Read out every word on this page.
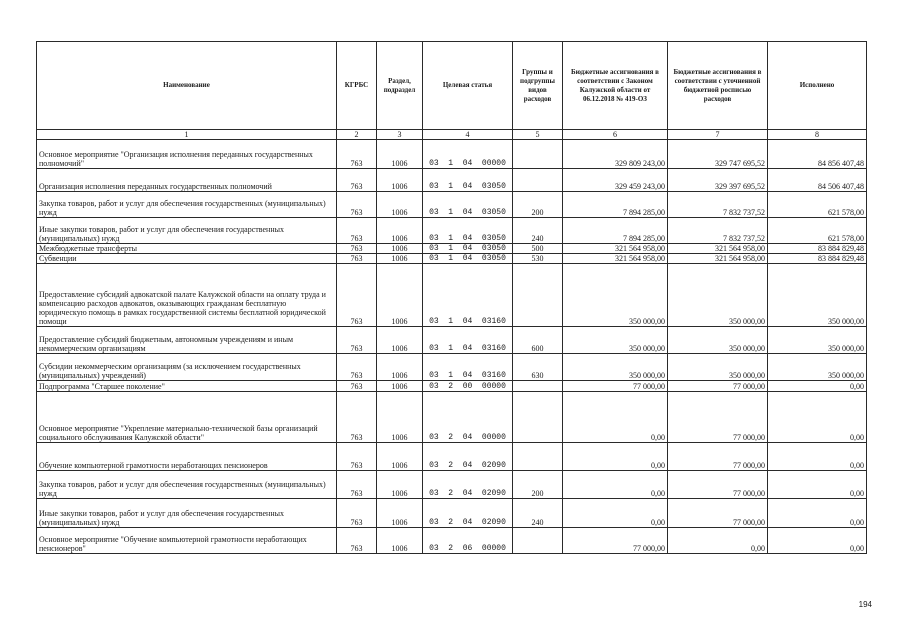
Наименование	КГРБС	Раздел, подраздел	Целевая статья	Группы и подгруппы видов расходов	Бюджетные ассигнования в соответствии с Законом Калужской области от 06.12.2018 № 419-ОЗ	Бюджетные ассигнования в соответствии с уточненной бюджетной росписью расходов	Исполнено
1	2	3	4	5	6	7	8
Основное мероприятие "Организация исполнения переданных государственных полномочий"	763	1006	03  1  04  00000		329 809 243,00	329 747 695,52	84 856 407,48
Организация исполнения переданных государственных полномочий	763	1006	03  1  04  03050		329 459 243,00	329 397 695,52	84 506 407,48
Закупка товаров, работ и услуг для обеспечения государственных (муниципальных) нужд	763	1006	03  1  04  03050	200	7 894 285,00	7 832 737,52	621 578,00
Иные закупки товаров, работ и услуг для обеспечения государственных (муниципальных) нужд	763	1006	03  1  04  03050	240	7 894 285,00	7 832 737,52	621 578,00
Межбюджетные трансферты	763	1006	03  1  04  03050	500	321 564 958,00	321 564 958,00	83 884 829,48
Субвенции	763	1006	03  1  04  03050	530	321 564 958,00	321 564 958,00	83 884 829,48
Предоставление субсидий адвокатской палате Калужской области на оплату труда и компенсацию расходов адвокатов, оказывающих гражданам бесплатную юридическую помощь в рамках государственной системы бесплатной юридической помощи	763	1006	03  1  04  03160		350 000,00	350 000,00	350 000,00
Предоставление субсидий бюджетным, автономным учреждениям и иным некоммерческим организациям	763	1006	03  1  04  03160	600	350 000,00	350 000,00	350 000,00
Субсидии некоммерческим организациям (за исключением государственных (муниципальных) учреждений)	763	1006	03  1  04  03160	630	350 000,00	350 000,00	350 000,00
Подпрограмма "Старшее поколение"	763	1006	03  2  00  00000		77 000,00	77 000,00	0,00
Основное мероприятие "Укрепление материально-технической базы организаций социального обслуживания Калужской области"	763	1006	03  2  04  00000		0,00	77 000,00	0,00
Обучение компьютерной грамотности неработающих пенсионеров	763	1006	03  2  04  02090		0,00	77 000,00	0,00
Закупка товаров, работ и услуг для обеспечения государственных (муниципальных) нужд	763	1006	03  2  04  02090	200	0,00	77 000,00	0,00
Иные закупки товаров, работ и услуг для обеспечения государственных (муниципальных) нужд	763	1006	03  2  04  02090	240	0,00	77 000,00	0,00
Основное мероприятие "Обучение компьютерной грамотности неработающих пенсионеров"	763	1006	03  2  06  00000		77 000,00	0,00	0,00
194
